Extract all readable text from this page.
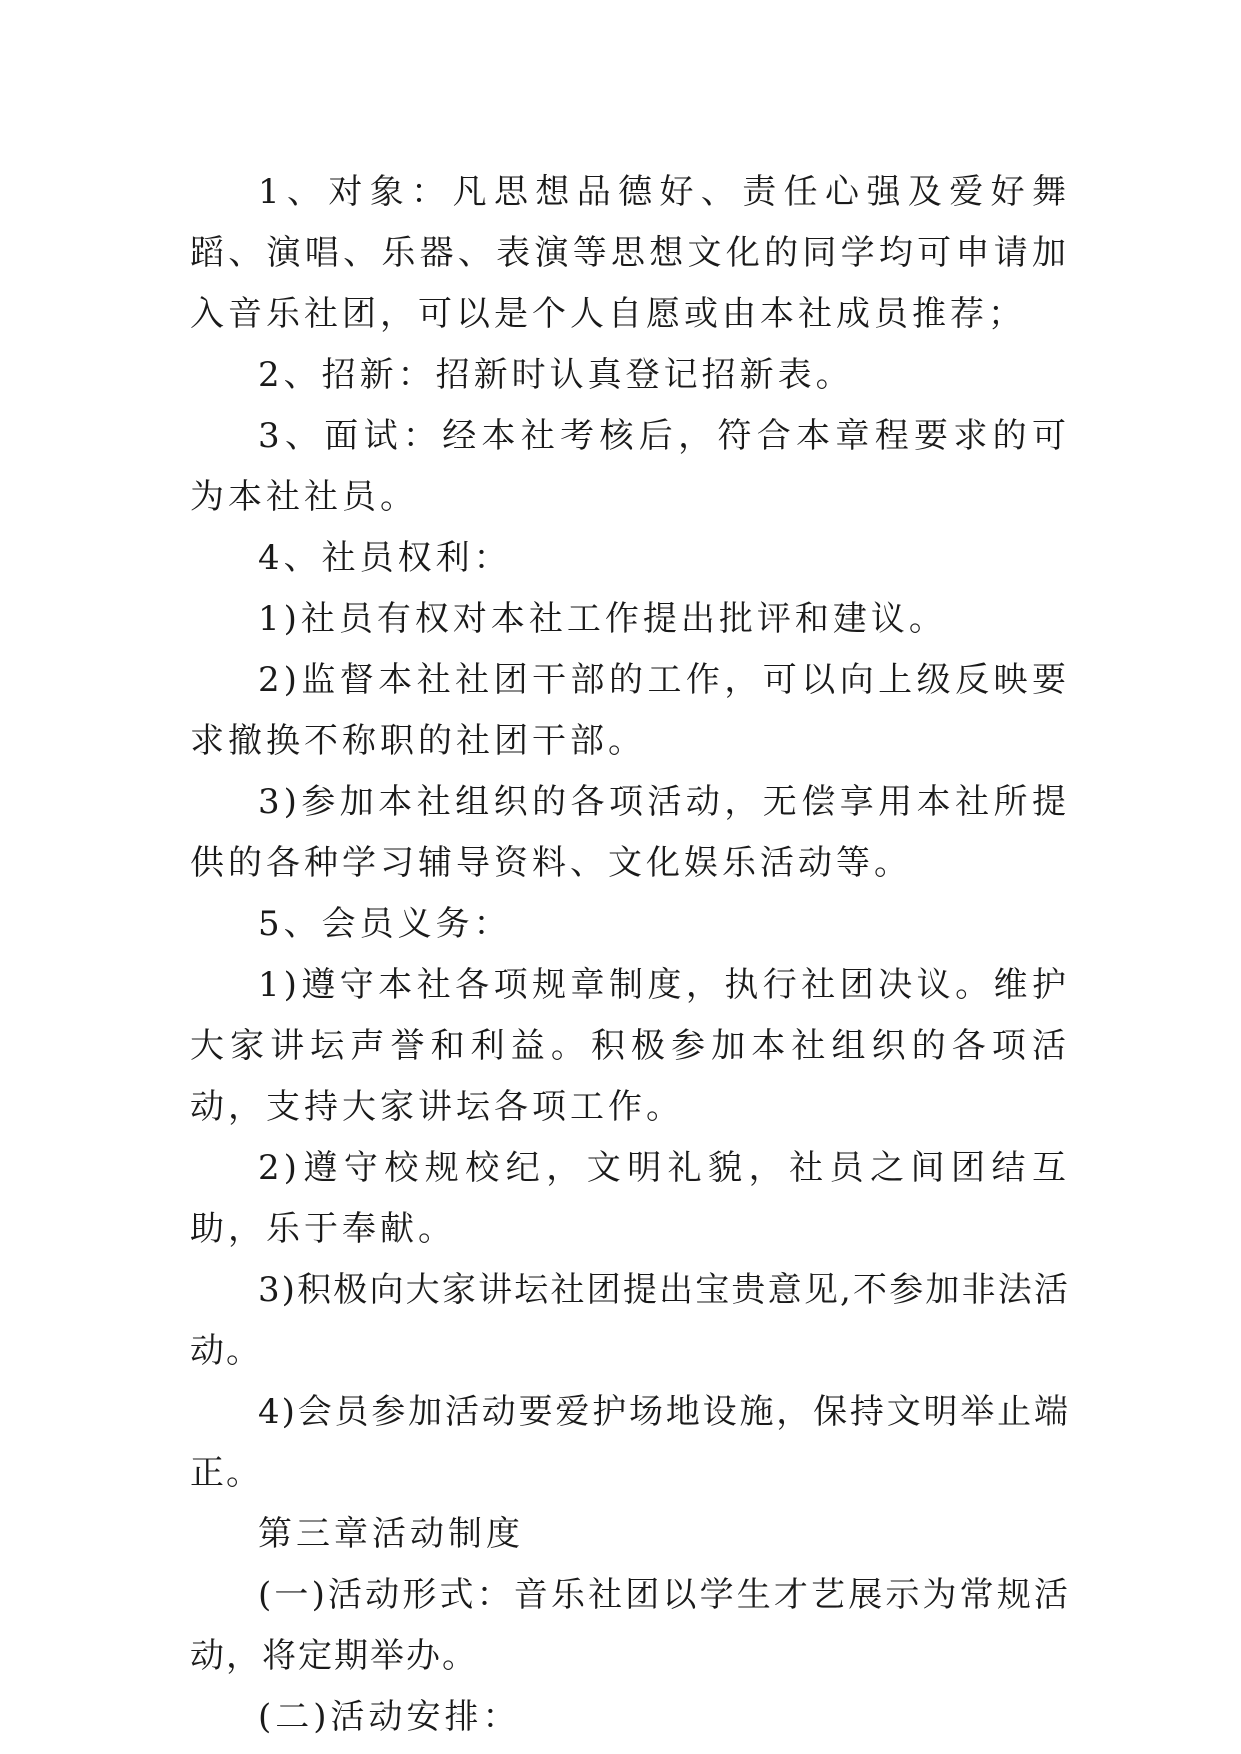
1、对象：凡思想品德好、责任心强及爱好舞蹈、演唱、乐器、表演等思想文化的同学均可申请加入音乐社团，可以是个人自愿或由本社成员推荐；

2、招新：招新时认真登记招新表。

3、面试：经本社考核后，符合本章程要求的可为本社社员。

4、社员权利：

1)社员有权对本社工作提出批评和建议。

2)监督本社社团干部的工作，可以向上级反映要求撤换不称职的社团干部。

3)参加本社组织的各项活动，无偿享用本社所提供的各种学习辅导资料、文化娱乐活动等。

5、会员义务：

1)遵守本社各项规章制度，执行社团决议。维护大家讲坛声誉和利益。积极参加本社组织的各项活动，支持大家讲坛各项工作。

2)遵守校规校纪，文明礼貌，社员之间团结互助，乐于奉献。

3)积极向大家讲坛社团提出宝贵意见,不参加非法活动。

4)会员参加活动要爱护场地设施，保持文明举止端正。

第三章活动制度

(一)活动形式：音乐社团以学生才艺展示为常规活动，将定期举办。

(二)活动安排：
